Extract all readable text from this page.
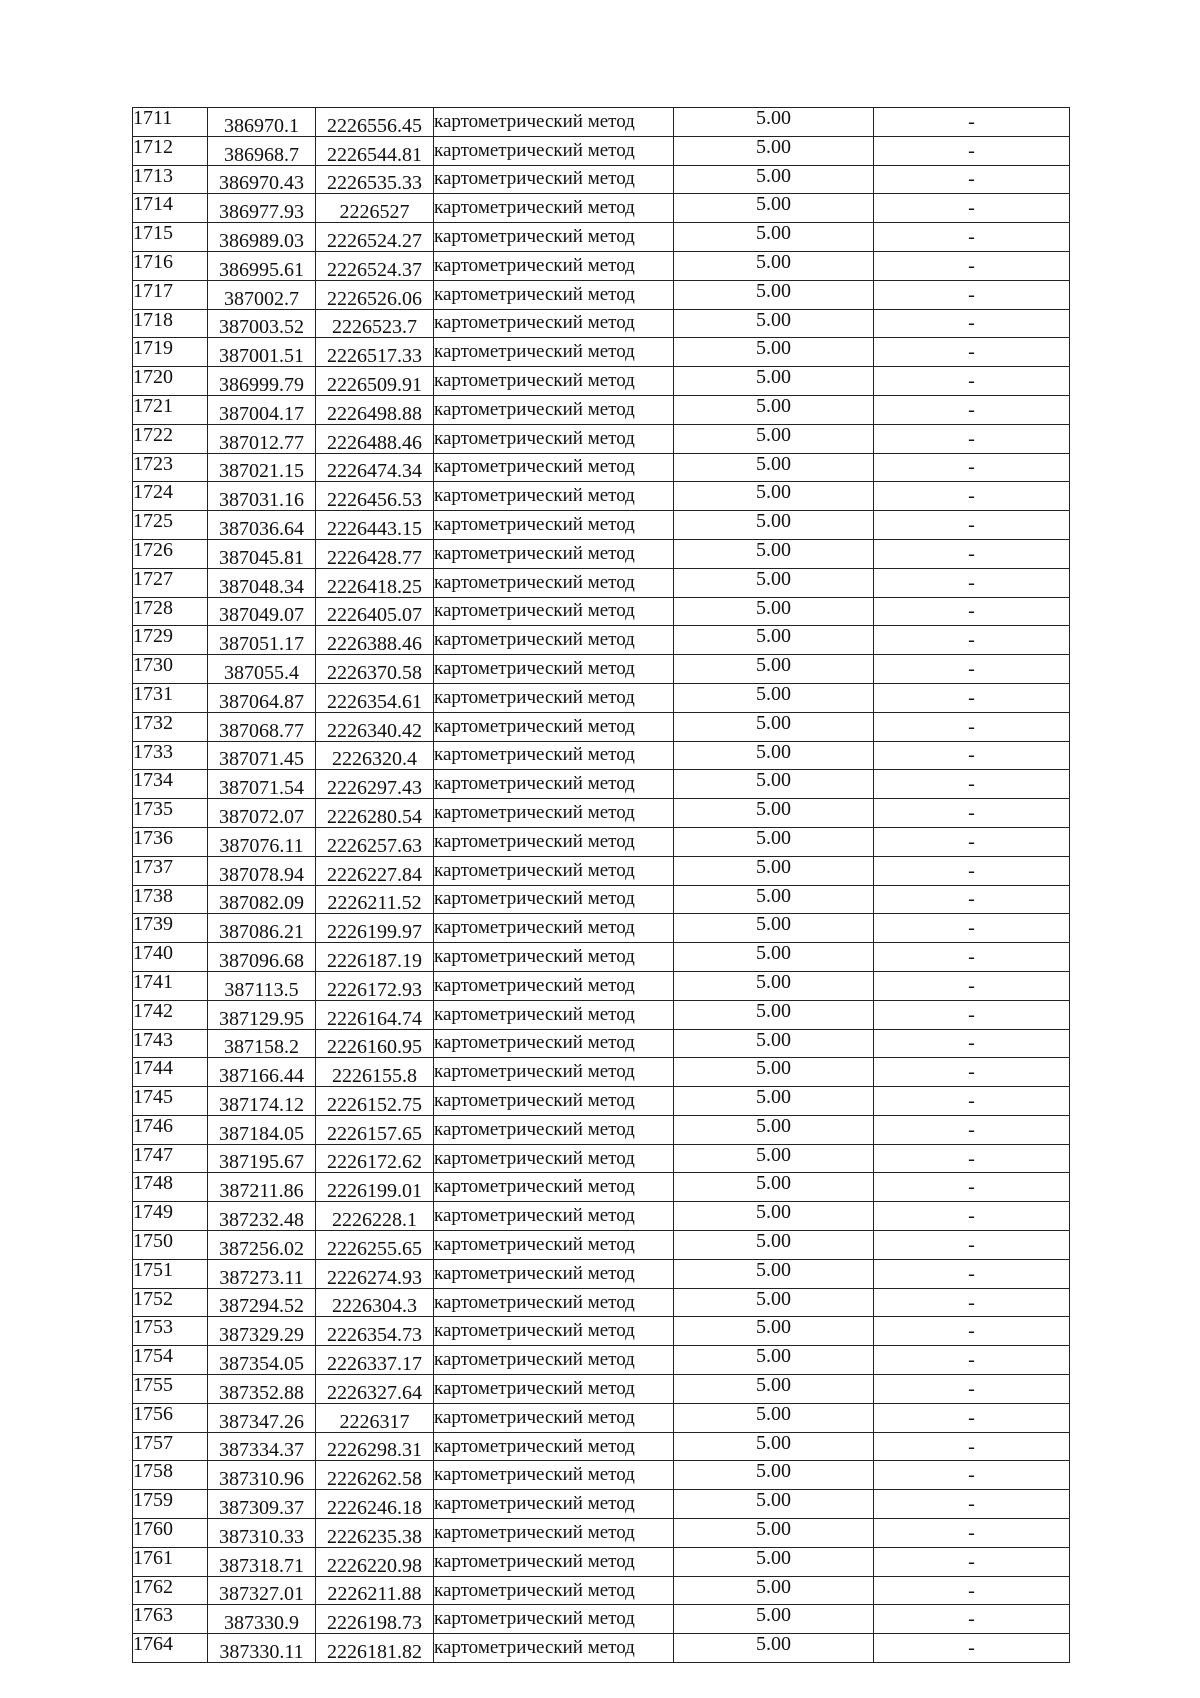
1711	386970.1	2226556.45	картометрический метод	5.00	-
1712	386968.7	2226544.81	картометрический метод	5.00	-
1713	386970.43	2226535.33	картометрический метод	5.00	-
1714	386977.93	2226527	картометрический метод	5.00	-
1715	386989.03	2226524.27	картометрический метод	5.00	-
1716	386995.61	2226524.37	картометрический метод	5.00	-
1717	387002.7	2226526.06	картометрический метод	5.00	-
1718	387003.52	2226523.7	картометрический метод	5.00	-
1719	387001.51	2226517.33	картометрический метод	5.00	-
1720	386999.79	2226509.91	картометрический метод	5.00	-
1721	387004.17	2226498.88	картометрический метод	5.00	-
1722	387012.77	2226488.46	картометрический метод	5.00	-
1723	387021.15	2226474.34	картометрический метод	5.00	-
1724	387031.16	2226456.53	картометрический метод	5.00	-
1725	387036.64	2226443.15	картометрический метод	5.00	-
1726	387045.81	2226428.77	картометрический метод	5.00	-
1727	387048.34	2226418.25	картометрический метод	5.00	-
1728	387049.07	2226405.07	картометрический метод	5.00	-
1729	387051.17	2226388.46	картометрический метод	5.00	-
1730	387055.4	2226370.58	картометрический метод	5.00	-
1731	387064.87	2226354.61	картометрический метод	5.00	-
1732	387068.77	2226340.42	картометрический метод	5.00	-
1733	387071.45	2226320.4	картометрический метод	5.00	-
1734	387071.54	2226297.43	картометрический метод	5.00	-
1735	387072.07	2226280.54	картометрический метод	5.00	-
1736	387076.11	2226257.63	картометрический метод	5.00	-
1737	387078.94	2226227.84	картометрический метод	5.00	-
1738	387082.09	2226211.52	картометрический метод	5.00	-
1739	387086.21	2226199.97	картометрический метод	5.00	-
1740	387096.68	2226187.19	картометрический метод	5.00	-
1741	387113.5	2226172.93	картометрический метод	5.00	-
1742	387129.95	2226164.74	картометрический метод	5.00	-
1743	387158.2	2226160.95	картометрический метод	5.00	-
1744	387166.44	2226155.8	картометрический метод	5.00	-
1745	387174.12	2226152.75	картометрический метод	5.00	-
1746	387184.05	2226157.65	картометрический метод	5.00	-
1747	387195.67	2226172.62	картометрический метод	5.00	-
1748	387211.86	2226199.01	картометрический метод	5.00	-
1749	387232.48	2226228.1	картометрический метод	5.00	-
1750	387256.02	2226255.65	картометрический метод	5.00	-
1751	387273.11	2226274.93	картометрический метод	5.00	-
1752	387294.52	2226304.3	картометрический метод	5.00	-
1753	387329.29	2226354.73	картометрический метод	5.00	-
1754	387354.05	2226337.17	картометрический метод	5.00	-
1755	387352.88	2226327.64	картометрический метод	5.00	-
1756	387347.26	2226317	картометрический метод	5.00	-
1757	387334.37	2226298.31	картометрический метод	5.00	-
1758	387310.96	2226262.58	картометрический метод	5.00	-
1759	387309.37	2226246.18	картометрический метод	5.00	-
1760	387310.33	2226235.38	картометрический метод	5.00	-
1761	387318.71	2226220.98	картометрический метод	5.00	-
1762	387327.01	2226211.88	картометрический метод	5.00	-
1763	387330.9	2226198.73	картометрический метод	5.00	-
1764	387330.11	2226181.82	картометрический метод	5.00	-
